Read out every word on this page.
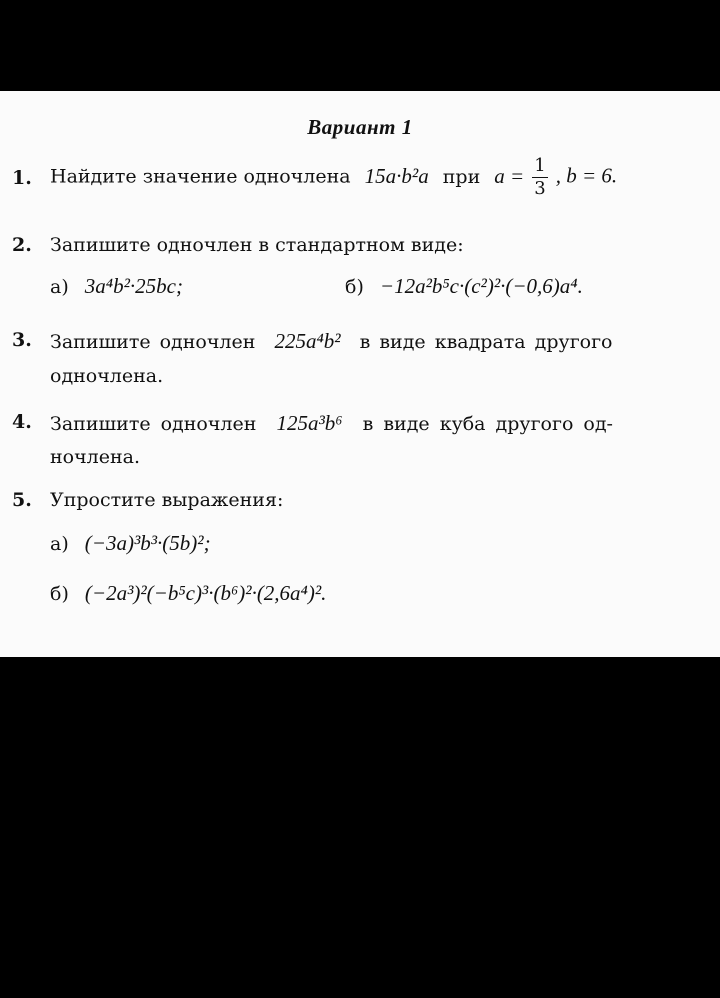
Вариант 1
1. Найдите значение одночлена 15a·b²a при $a = \frac{1}{3}$ , b = 6.
2. Запишите одночлен в стандартном виде:
а) 3a⁴b²·25bc;	б) −12a²b⁵c·(c²)²·(−0,6)a⁴.
3. Запишите одночлен 225a⁴b² в виде квадрата другого
одночлена.
4. Запишите одночлен 125a³b⁶ в виде куба другого од-
ночлена.
5. Упростите выражения:
а) (−3a)³b³·(5b)²;
б) (−2a³)²(−b⁵c)³·(b⁶)²·(2,6a⁴)².
